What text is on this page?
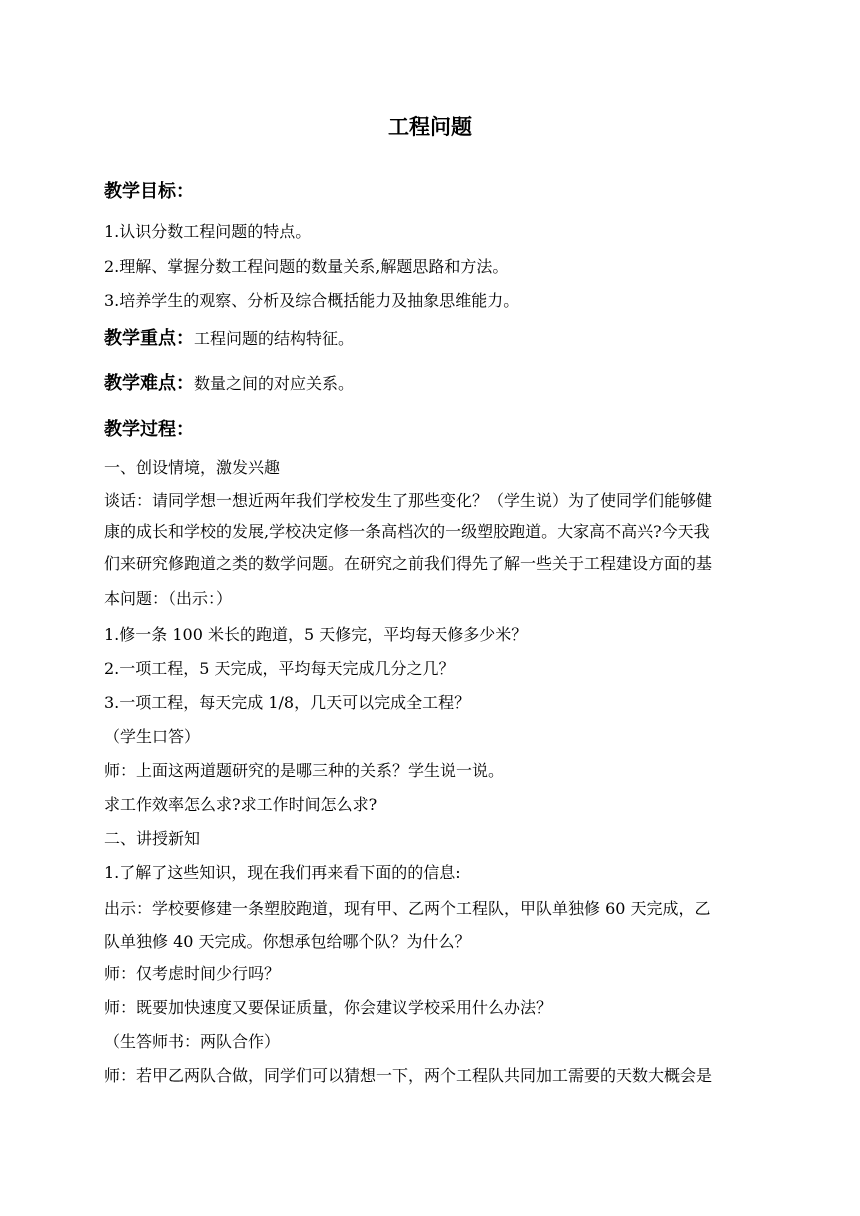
工程问题
教学目标：
1.认识分数工程问题的特点。
2.理解、掌握分数工程问题的数量关系,解题思路和方法。
3.培养学生的观察、分析及综合概括能力及抽象思维能力。
教学重点：工程问题的结构特征。
教学难点：数量之间的对应关系。
教学过程：
一、创设情境，激发兴趣
谈话：请同学想一想近两年我们学校发生了那些变化？（学生说）为了使同学们能够健
康的成长和学校的发展,学校决定修一条高档次的一级塑胶跑道。大家高不高兴?今天我
们来研究修跑道之类的数学问题。在研究之前我们得先了解一些关于工程建设方面的基
本问题：（出示：）
1.修一条 100 米长的跑道，5 天修完，平均每天修多少米？
2.一项工程，5 天完成，平均每天完成几分之几？
3.一项工程，每天完成 1/8，几天可以完成全工程？
（学生口答）
师：上面这两道题研究的是哪三种的关系？学生说一说。
求工作效率怎么求?求工作时间怎么求?
二、讲授新知
1.了解了这些知识，现在我们再来看下面的的信息:
出示：学校要修建一条塑胶跑道，现有甲、乙两个工程队，甲队单独修 60 天完成，乙
队单独修 40 天完成。你想承包给哪个队？为什么？
师：仅考虑时间少行吗？
师：既要加快速度又要保证质量，你会建议学校采用什么办法？
（生答师书：两队合作）
师：若甲乙两队合做，同学们可以猜想一下，两个工程队共同加工需要的天数大概会是
